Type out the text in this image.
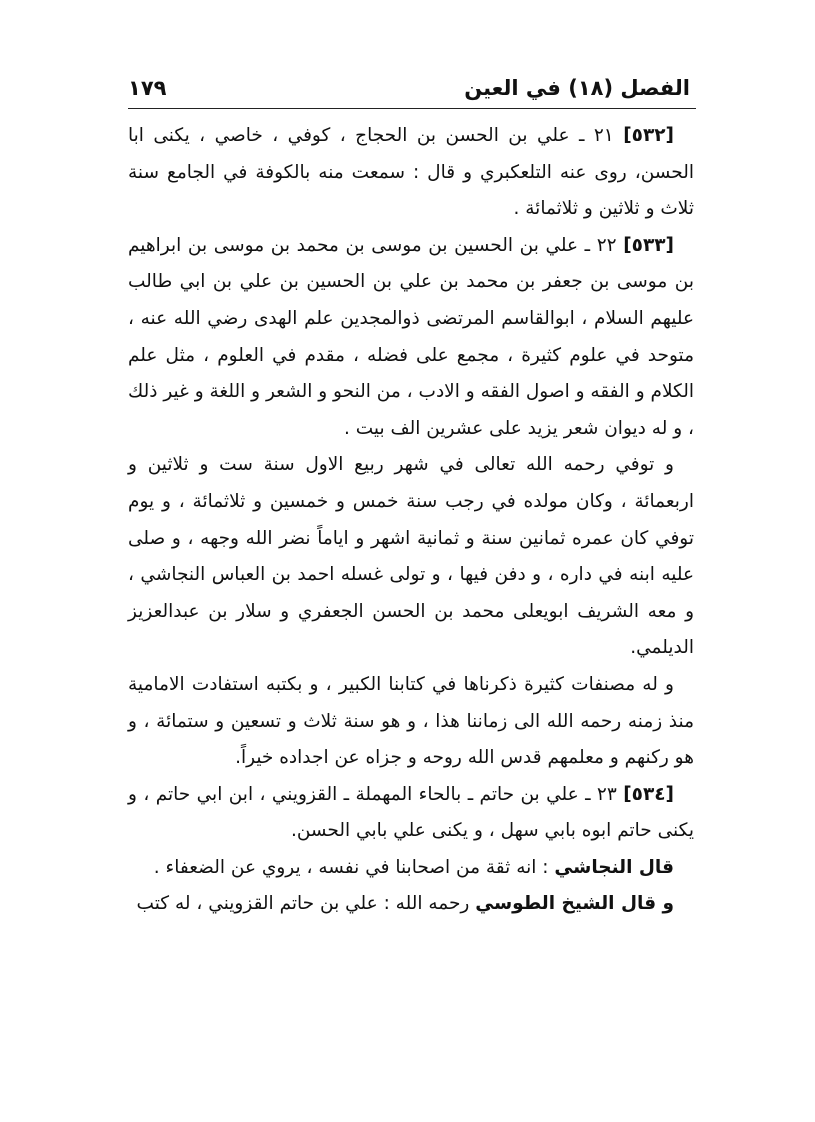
١٧٩	الفصل (١٨) في العين

[٥٣٢] ٢١ ـ علي بن الحسن بن الحجاج ، كوفي ، خاصي ، يكنى ابا الحسن، روى عنه التلعكبري و قال : سمعت منه بالكوفة في الجامع سنة ثلاث و ثلاثين و ثلاثمائة .

[٥٣٣] ٢٢ ـ علي بن الحسين بن موسى بن محمد بن موسى بن ابراهيم بن موسى بن جعفر بن محمد بن علي بن الحسين بن علي بن ابي طالب عليهم السلام ، ابوالقاسم المرتضى ذوالمجدين علم الهدى رضي الله عنه ، متوحد في علوم كثيرة ، مجمع على فضله ، مقدم في العلوم ، مثل علم الكلام و الفقه و اصول الفقه و الادب ، من النحو و الشعر و اللغة و غير ذلك ، و له ديوان شعر يزيد على عشرين الف بيت .

و توفي رحمه الله تعالى في شهر ربيع الاول سنة ست و ثلاثين و اربعمائة ، وكان مولده في رجب سنة خمس و خمسين و ثلاثمائة ، و يوم توفي كان عمره ثمانين سنة و ثمانية اشهر و اياماً نضر الله وجهه ، و صلى عليه ابنه في داره ، و دفن فيها ، و تولى غسله احمد بن العباس النجاشي ، و معه الشريف ابويعلى محمد بن الحسن الجعفري و سلار بن عبدالعزيز الديلمي.

و له مصنفات كثيرة ذكرناها في كتابنا الكبير ، و بكتبه استفادت الامامية منذ زمنه رحمه الله الى زماننا هذا ، و هو سنة ثلاث و تسعين و ستمائة ، و هو ركنهم و معلمهم قدس الله روحه و جزاه عن اجداده خيراً.

[٥٣٤] ٢٣ ـ علي بن حاتم ـ بالحاء المهملة ـ القزويني ، ابن ابي حاتم ، و يكنى حاتم ابوه بابي سهل ، و يكنى علي بابي الحسن.

قال النجاشي : انه ثقة من اصحابنا في نفسه ، يروي عن الضعفاء .

و قال الشيخ الطوسي رحمه الله : علي بن حاتم القزويني ، له كتب
